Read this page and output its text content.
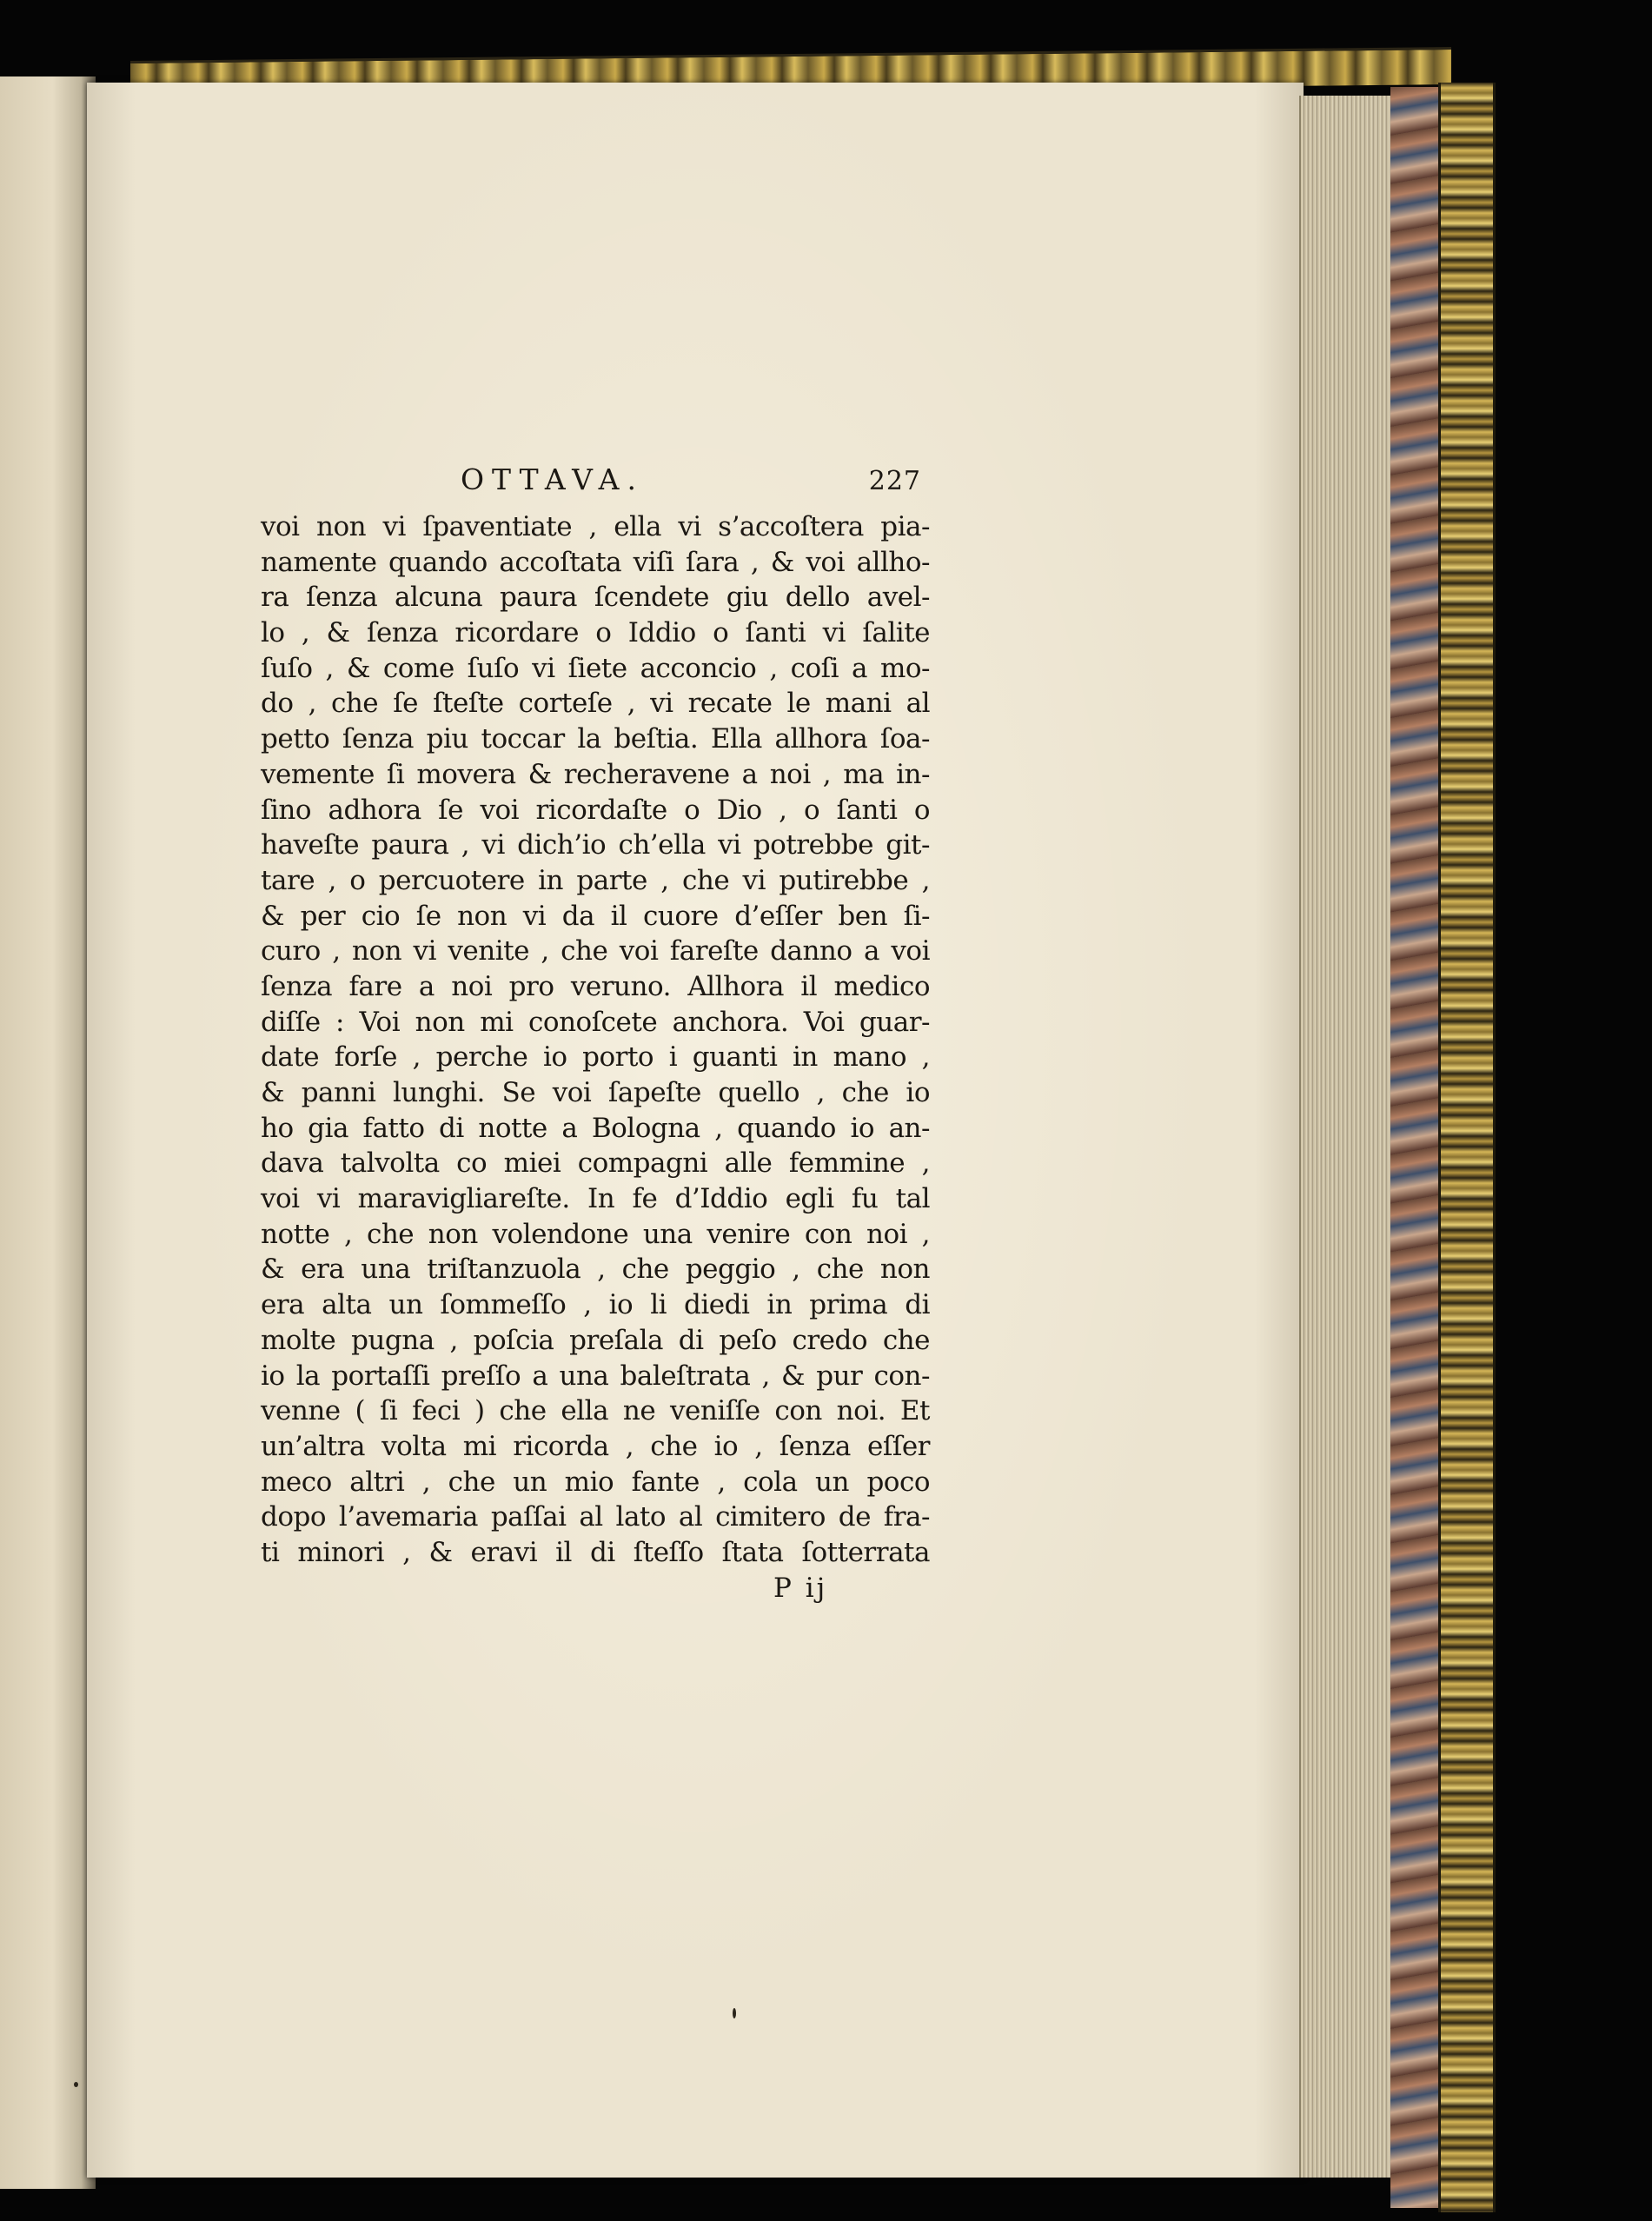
OTTAVA.	227
voi non vi ſpaventiate , ella vi s’accoſtera pia-
namente quando accoſtata viſi ſara , & voi allho-
ra ſenza alcuna paura ſcendete giu dello avel-
lo , & ſenza ricordare o Iddio o ſanti vi ſalite
ſuſo , & come ſuſo vi ſiete acconcio , coſi a mo-
do , che ſe ſteſte corteſe , vi recate le mani al
petto ſenza piu toccar la beſtia. Ella allhora ſoa-
vemente ſi movera & recheravene a noi , ma in-
ſino adhora ſe voi ricordaſte o Dio , o ſanti o
haveſte paura , vi dich’io ch’ella vi potrebbe git-
tare , o percuotere in parte , che vi putirebbe ,
& per cio ſe non vi da il cuore d’eſſer ben ſi-
curo , non vi venite , che voi fareſte danno a voi
ſenza fare a noi pro veruno. Allhora il medico
diſſe : Voi non mi conoſcete anchora. Voi guar-
date forſe , perche io porto i guanti in mano ,
& panni lunghi. Se voi ſapeſte quello , che io
ho gia fatto di notte a Bologna , quando io an-
dava talvolta co miei compagni alle femmine ,
voi vi maravigliareſte. In fe d’Iddio egli fu tal
notte , che non volendone una venire con noi ,
& era una triſtanzuola , che peggio , che non
era alta un ſommeſſo , io li diedi in prima di
molte pugna , poſcia preſala di peſo credo che
io la portaſſi preſſo a una baleſtrata , & pur con-
venne ( ſi feci ) che ella ne veniſſe con noi. Et
un’altra volta mi ricorda , che io , ſenza eſſer
meco altri , che un mio fante , cola un poco
dopo l’avemaria paſſai al lato al cimitero de fra-
ti minori , & eravi il di ſteſſo ſtata ſotterrata
P ij
